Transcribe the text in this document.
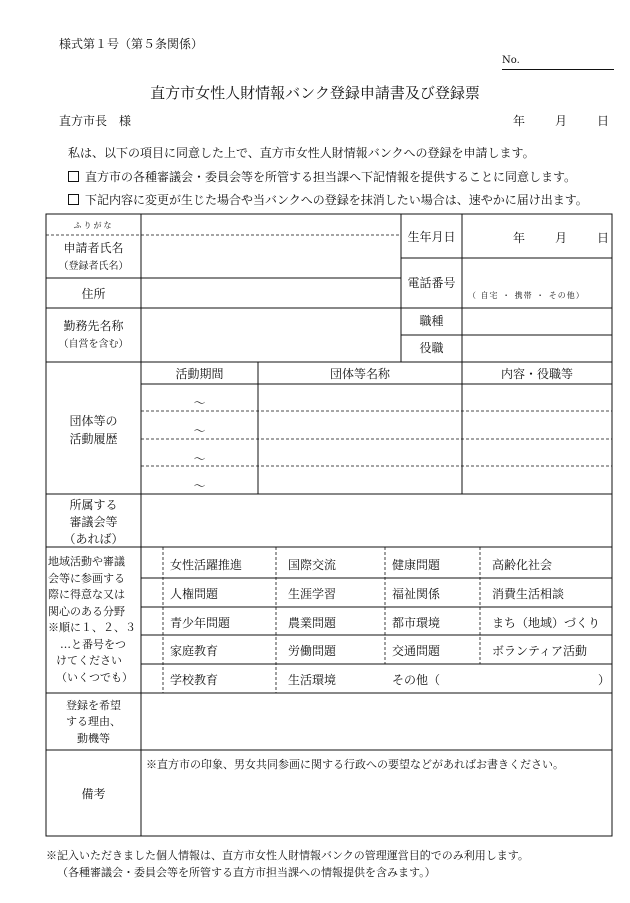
様式第１号（第５条関係）
No.
直方市女性人財情報バンク登録申請書及び登録票
直方市長　様	年 月 日
私は、以下の項目に同意した上で、直方市女性人財情報バンクへの登録を申請します。
直方市の各種審議会・委員会等を所管する担当課へ下記情報を提供することに同意します。
下記内容に変更が生じた場合や当バンクへの登録を抹消したい場合は、速やかに届け出ます。
ふりがな
申請者氏名
（登録者氏名）
生年月日	年 月 日
住所
電話番号
（ 自宅 ・ 携帯 ・ その他）
勤務先名称
（自営を含む）
職種
役職
団体等の
活動履歴
活動期間	団体等名称	内容・役職等
～
～
～
～
所属する
審議会等
（あれば）
地域活動や審議
会等に参画する
際に得意な又は
関心のある分野
※順に１、２、３
…と番号をつ
けてください
（いくつでも）
女性活躍推進	国際交流	健康問題	高齢化社会
人権問題	生涯学習	福祉関係	消費生活相談
青少年問題	農業問題	都市環境	まち（地域）づくり
家庭教育	労働問題	交通問題	ボランティア活動
学校教育	生活環境	その他（	）
登録を希望
する理由、
動機等
備考
※直方市の印象、男女共同参画に関する行政への要望などがあればお書きください。
※記入いただきました個人情報は、直方市女性人財情報バンクの管理運営目的でのみ利用します。
（各種審議会・委員会等を所管する直方市担当課への情報提供を含みます。）
